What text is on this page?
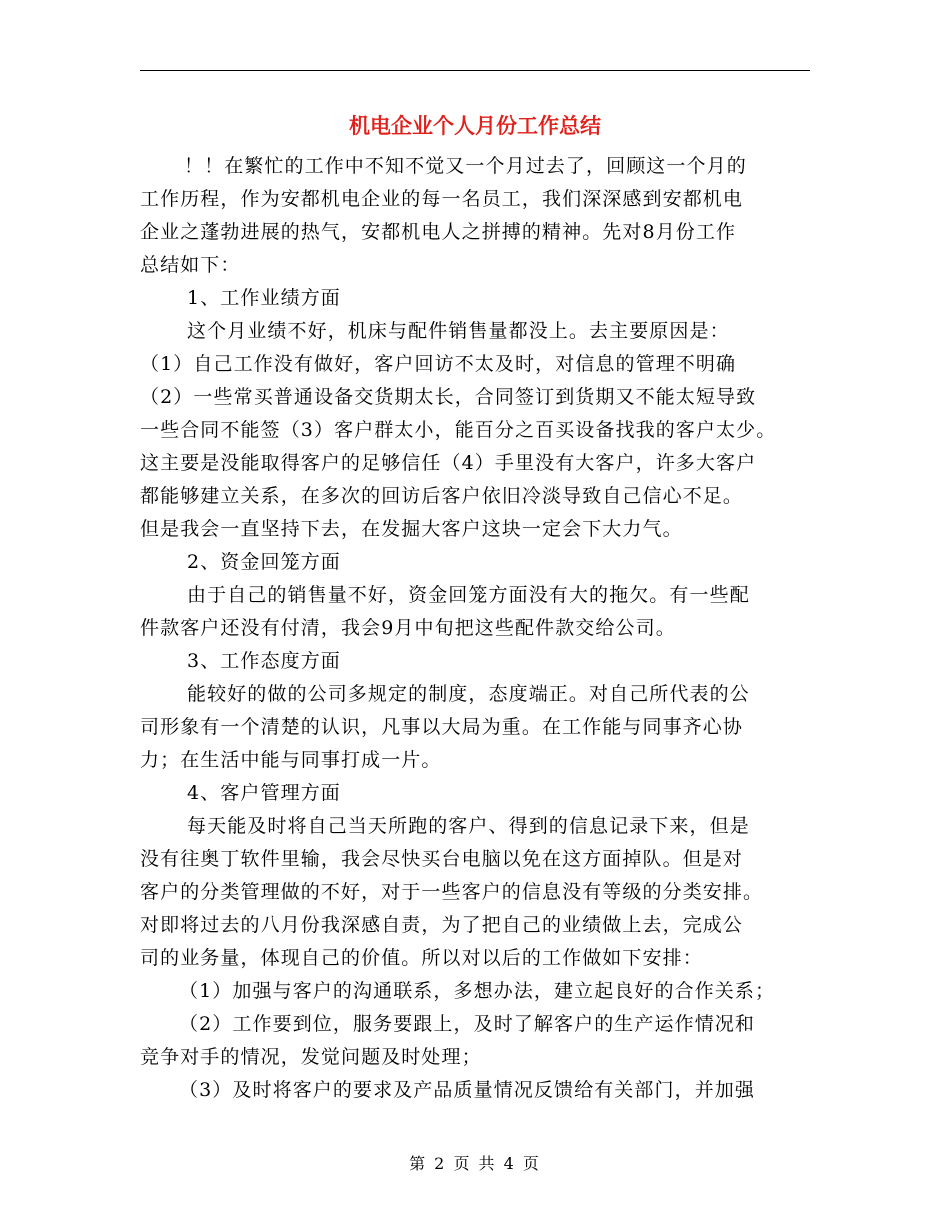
机电企业个人月份工作总结
！！在繁忙的工作中不知不觉又一个月过去了，回顾这一个月的
工作历程，作为安都机电企业的每一名员工，我们深深感到安都机电
企业之蓬勃进展的热气，安都机电人之拼搏的精神。先对8月份工作
总结如下：
1、工作业绩方面
这个月业绩不好，机床与配件销售量都没上。去主要原因是：
（1）自己工作没有做好，客户回访不太及时，对信息的管理不明确
（2）一些常买普通设备交货期太长，合同签订到货期又不能太短导致
一些合同不能签（3）客户群太小，能百分之百买设备找我的客户太少。
这主要是没能取得客户的足够信任（4）手里没有大客户，许多大客户
都能够建立关系，在多次的回访后客户依旧冷淡导致自己信心不足。
但是我会一直坚持下去，在发掘大客户这块一定会下大力气。
2、资金回笼方面
由于自己的销售量不好，资金回笼方面没有大的拖欠。有一些配
件款客户还没有付清，我会9月中旬把这些配件款交给公司。
3、工作态度方面
能较好的做的公司多规定的制度，态度端正。对自己所代表的公
司形象有一个清楚的认识，凡事以大局为重。在工作能与同事齐心协
力；在生活中能与同事打成一片。
4、客户管理方面
每天能及时将自己当天所跑的客户、得到的信息记录下来，但是
没有往奥丁软件里输，我会尽快买台电脑以免在这方面掉队。但是对
客户的分类管理做的不好，对于一些客户的信息没有等级的分类安排。
对即将过去的八月份我深感自责，为了把自己的业绩做上去，完成公
司的业务量，体现自己的价值。所以对以后的工作做如下安排：
（1）加强与客户的沟通联系，多想办法，建立起良好的合作关系；
（2）工作要到位，服务要跟上，及时了解客户的生产运作情况和
竞争对手的情况，发觉问题及时处理；
（3）及时将客户的要求及产品质量情况反馈给有关部门，并加强
第 2 页 共 4 页
